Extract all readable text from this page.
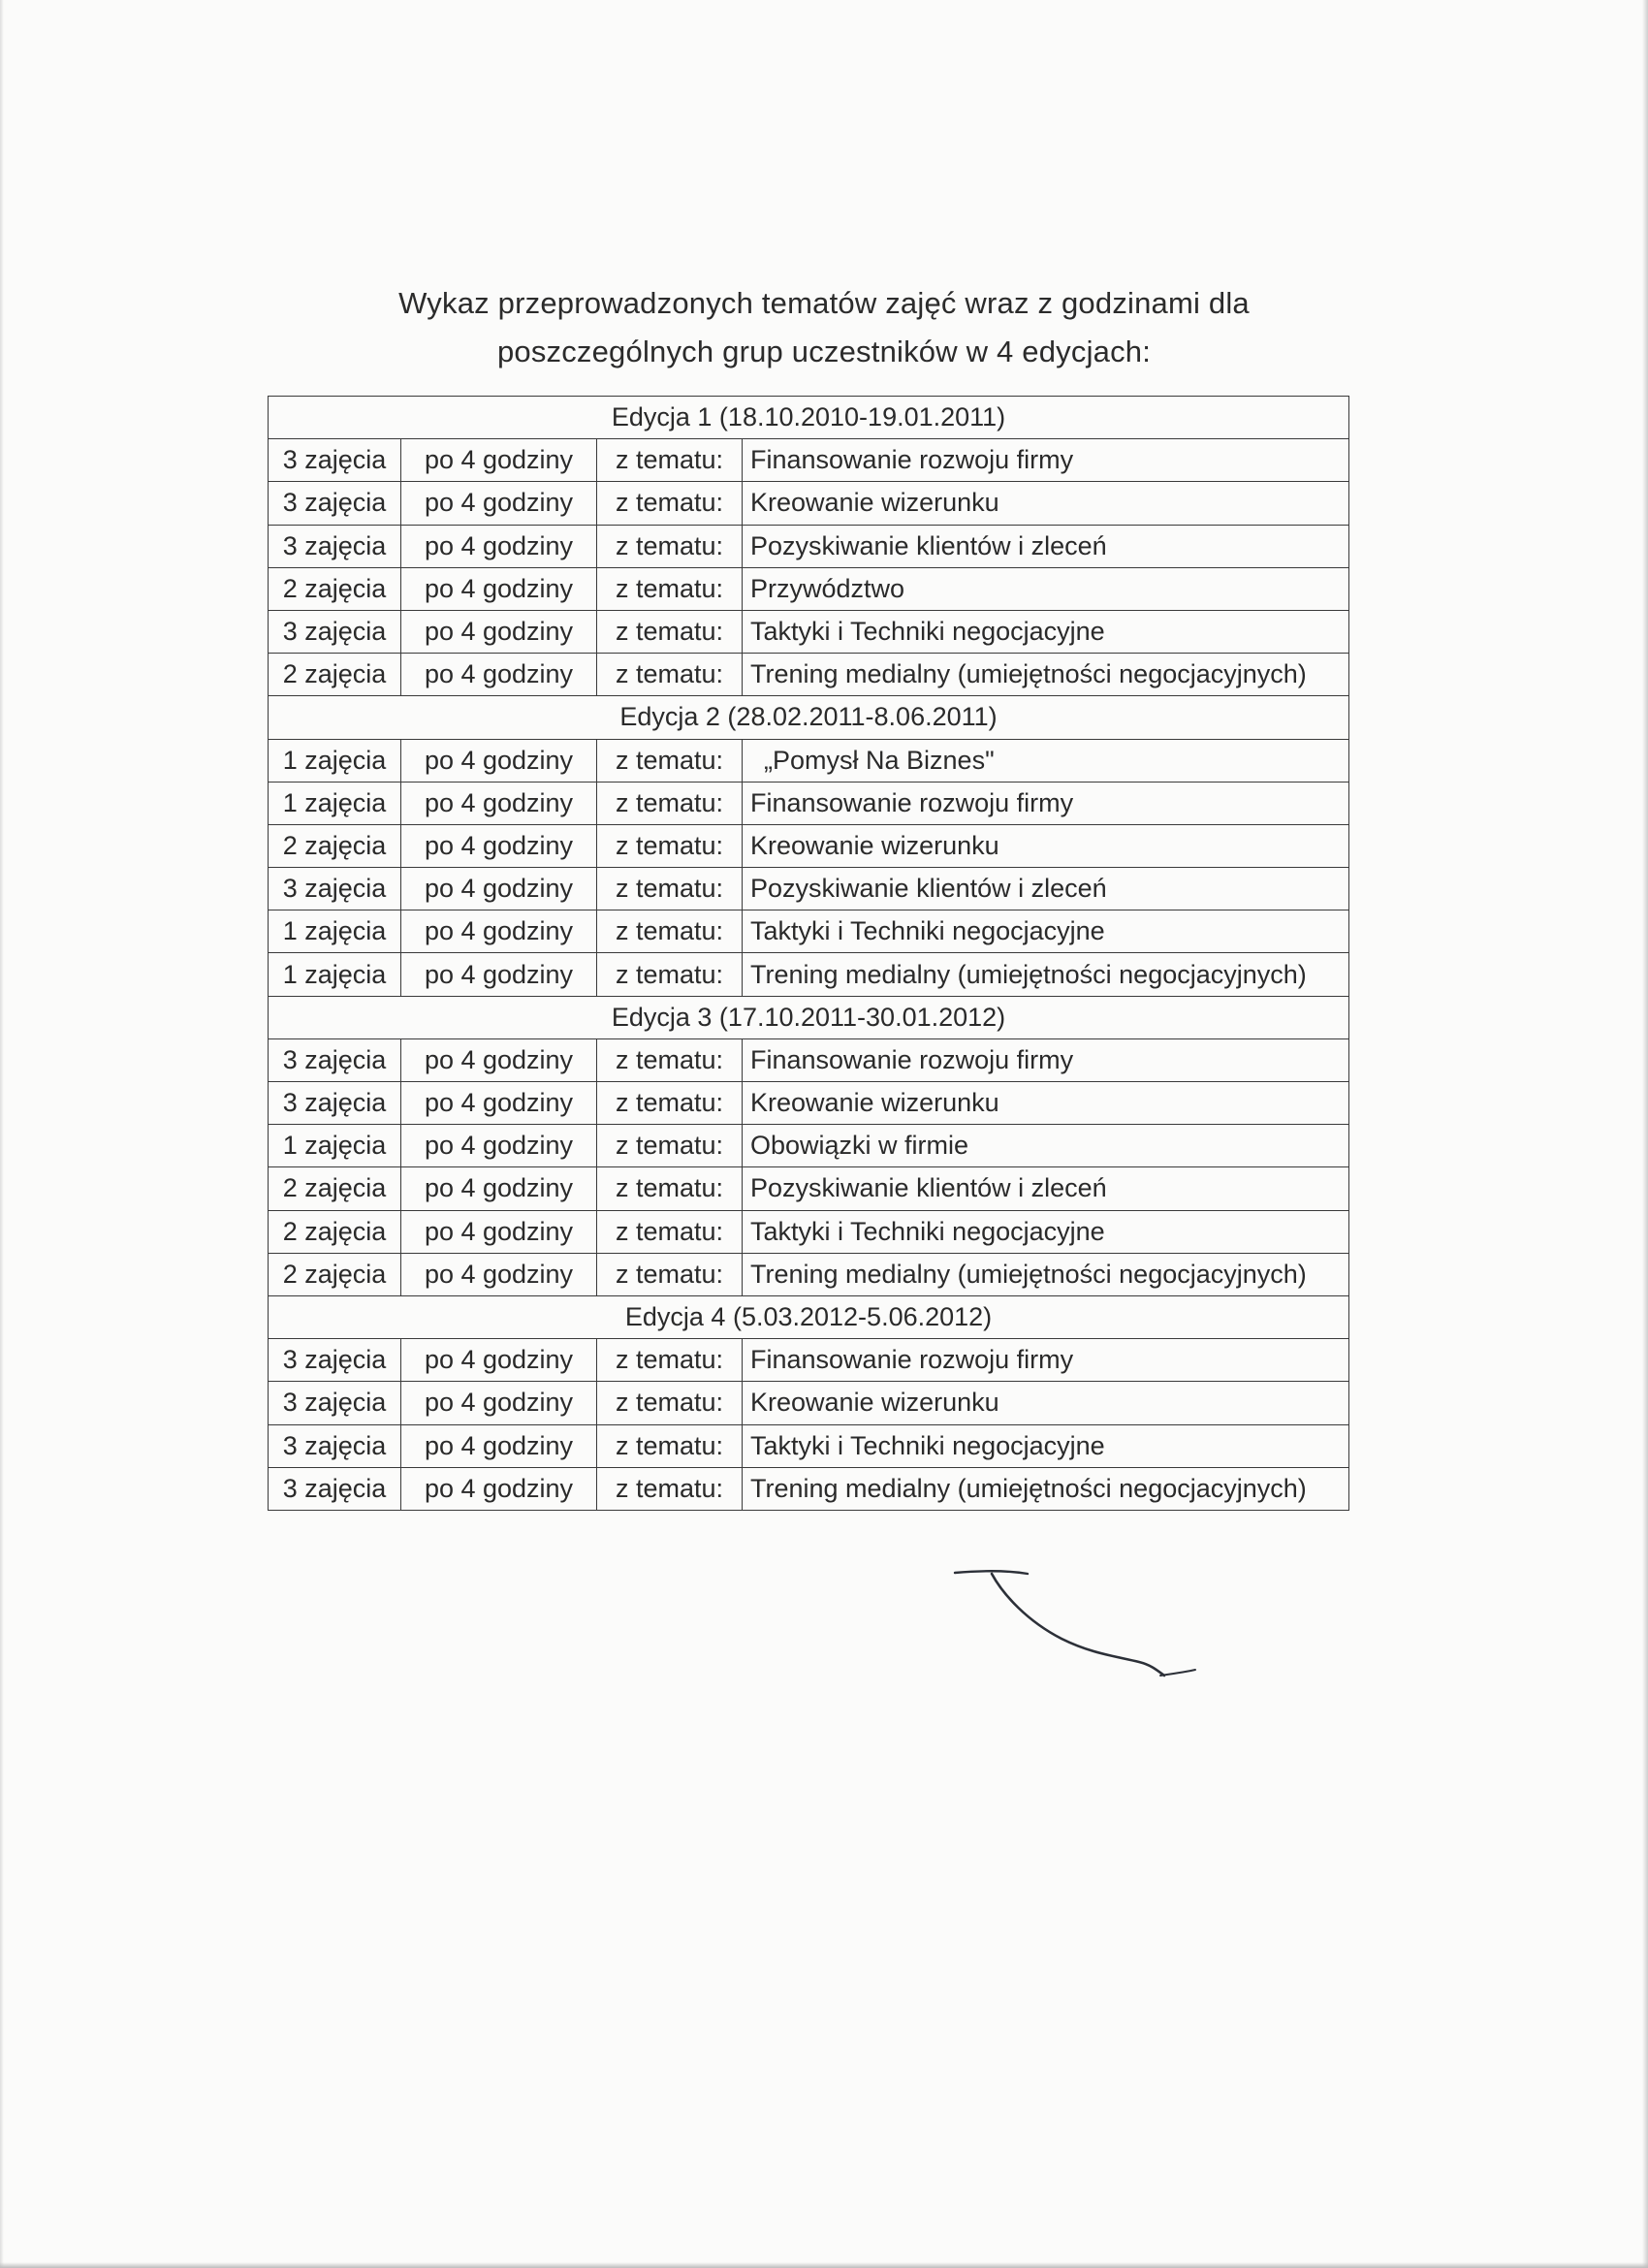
Wykaz przeprowadzonych tematów zajęć wraz z godzinami dla
poszczególnych grup uczestników w 4 edycjach:
Edycja 1 (18.10.2010-19.01.2011)			
3 zajęcia	po 4 godziny	z tematu:	Finansowanie rozwoju firmy
3 zajęcia	po 4 godziny	z tematu:	Kreowanie wizerunku
3 zajęcia	po 4 godziny	z tematu:	Pozyskiwanie klientów i zleceń
2 zajęcia	po 4 godziny	z tematu:	Przywództwo
3 zajęcia	po 4 godziny	z tematu:	Taktyki i Techniki negocjacyjne
2 zajęcia	po 4 godziny	z tematu:	Trening medialny (umiejętności negocjacyjnych)
Edycja 2 (28.02.2011-8.06.2011)			
1 zajęcia	po 4 godziny	z tematu:	„Pomysł Na Biznes"
1 zajęcia	po 4 godziny	z tematu:	Finansowanie rozwoju firmy
2 zajęcia	po 4 godziny	z tematu:	Kreowanie wizerunku
3 zajęcia	po 4 godziny	z tematu:	Pozyskiwanie klientów i zleceń
1 zajęcia	po 4 godziny	z tematu:	Taktyki i Techniki negocjacyjne
1 zajęcia	po 4 godziny	z tematu:	Trening medialny (umiejętności negocjacyjnych)
Edycja 3 (17.10.2011-30.01.2012)			
3 zajęcia	po 4 godziny	z tematu:	Finansowanie rozwoju firmy
3 zajęcia	po 4 godziny	z tematu:	Kreowanie wizerunku
1 zajęcia	po 4 godziny	z tematu:	Obowiązki w firmie
2 zajęcia	po 4 godziny	z tematu:	Pozyskiwanie klientów i zleceń
2 zajęcia	po 4 godziny	z tematu:	Taktyki i Techniki negocjacyjne
2 zajęcia	po 4 godziny	z tematu:	Trening medialny (umiejętności negocjacyjnych)
Edycja 4 (5.03.2012-5.06.2012)			
3 zajęcia	po 4 godziny	z tematu:	Finansowanie rozwoju firmy
3 zajęcia	po 4 godziny	z tematu:	Kreowanie wizerunku
3 zajęcia	po 4 godziny	z tematu:	Taktyki i Techniki negocjacyjne
3 zajęcia	po 4 godziny	z tematu:	Trening medialny (umiejętności negocjacyjnych)
